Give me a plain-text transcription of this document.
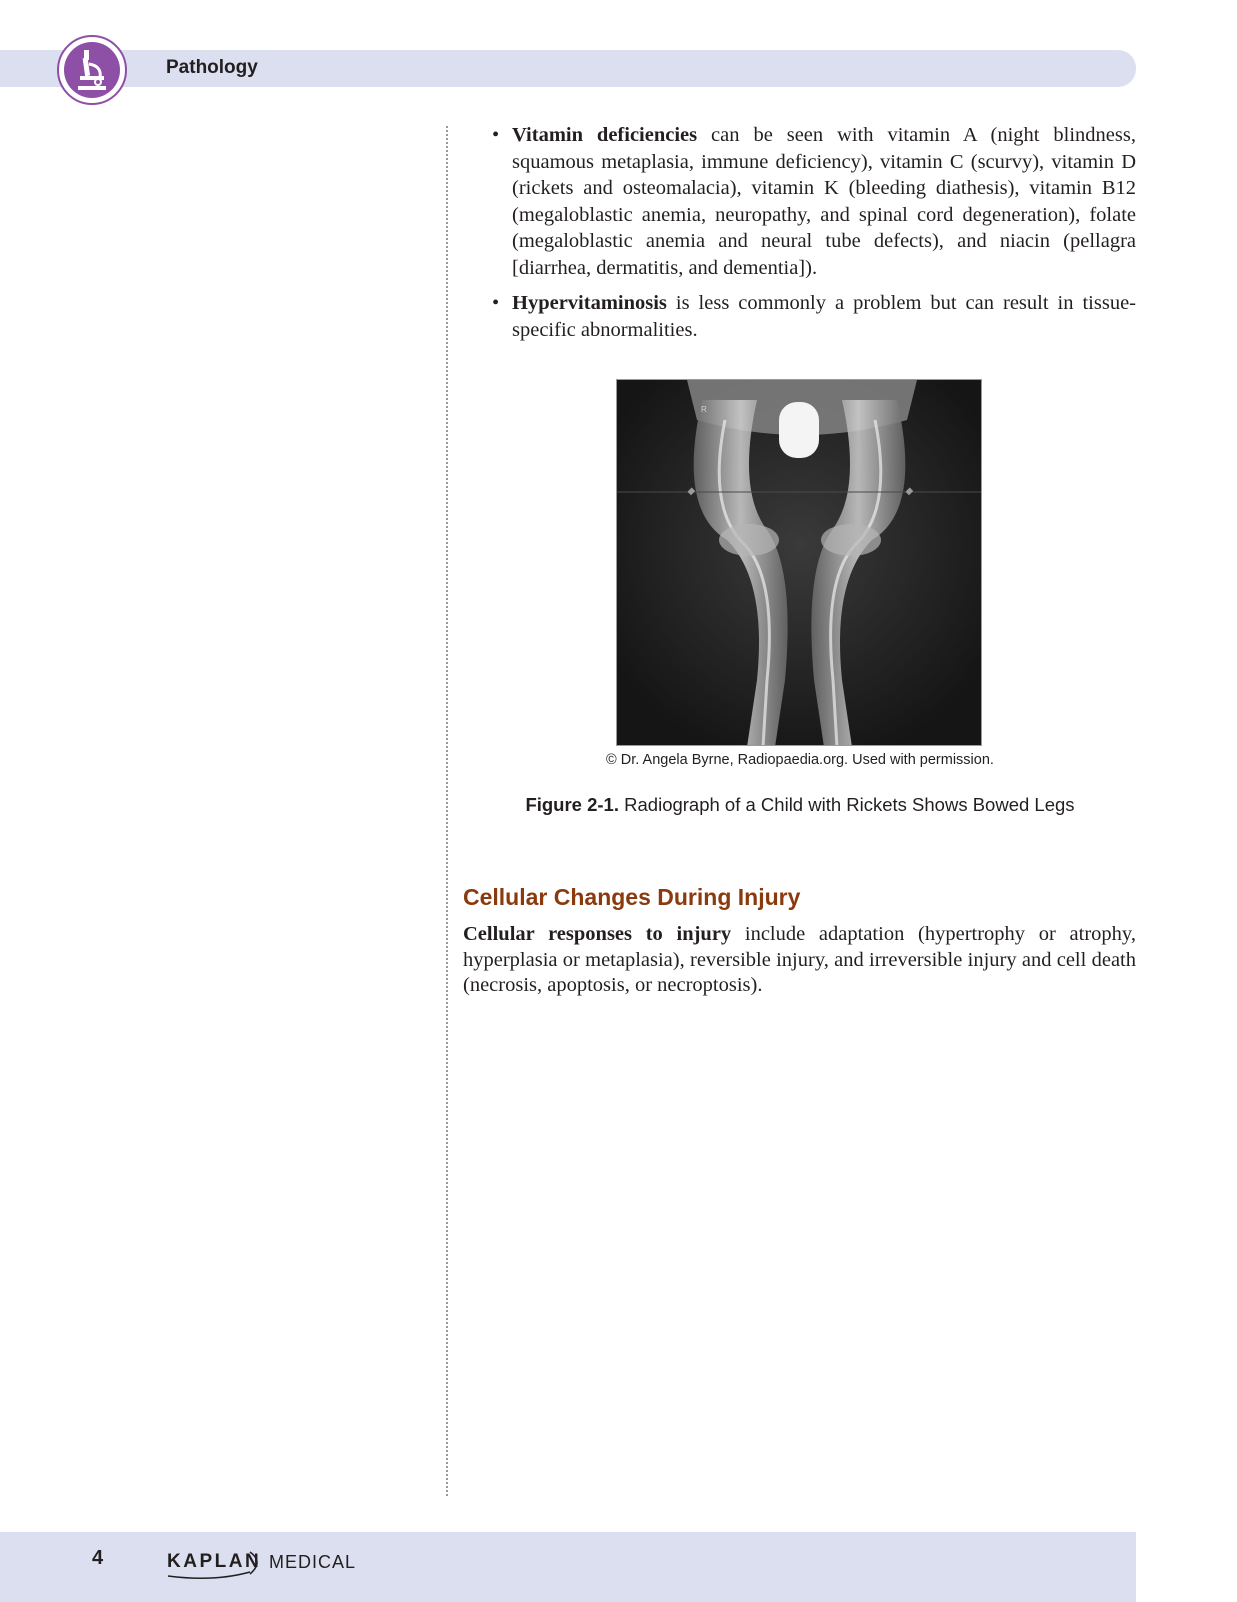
Pathology
• Vitamin deficiencies can be seen with vitamin A (night blindness, squamous metaplasia, immune deficiency), vitamin C (scurvy), vitamin D (rickets and osteomalacia), vitamin K (bleeding diathesis), vitamin B12 (megaloblastic anemia, neuropathy, and spinal cord degeneration), folate (megaloblastic anemia and neural tube defects), and niacin (pellagra [diarrhea, dermatitis, and dementia]).
• Hypervitaminosis is less commonly a problem but can result in tissue-specific abnormalities.
R
© Dr. Angela Byrne, Radiopaedia.org. Used with permission.
Figure 2-1. Radiograph of a Child with Rickets Shows Bowed Legs
Cellular Changes During Injury

Cellular responses to injury include adaptation (hypertrophy or atrophy, hyperplasia or metaplasia), reversible injury, and irreversible injury and cell death (necrosis, apoptosis, or necroptosis).

4	KAPLAN MEDICAL
